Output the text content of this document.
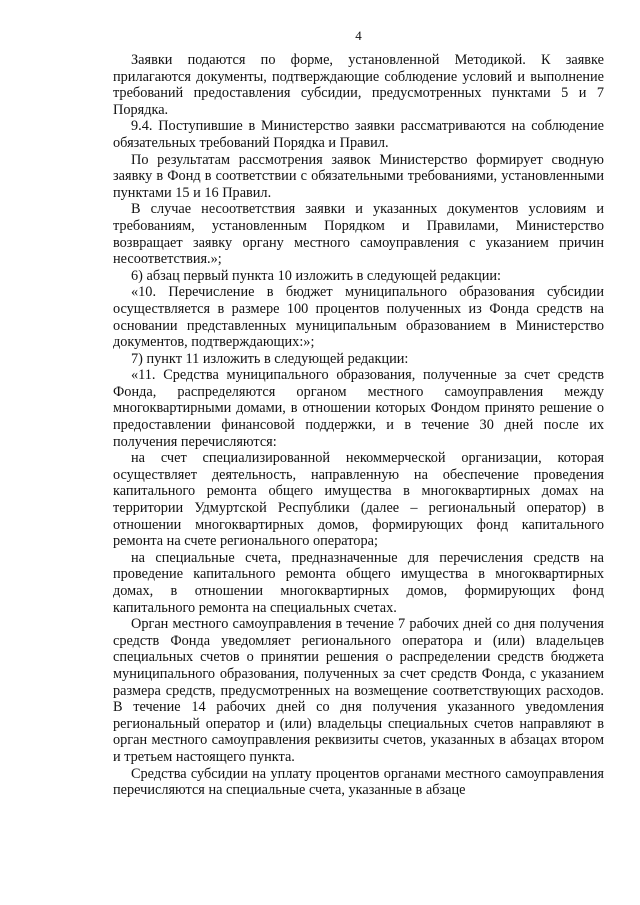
4

Заявки подаются по форме, установленной Методикой. К заявке прилагаются документы, подтверждающие соблюдение условий и выполнение требований предоставления субсидии, предусмотренных пунктами 5 и 7 Порядка.

9.4. Поступившие в Министерство заявки рассматриваются на соблюдение обязательных требований Порядка и Правил.

По результатам рассмотрения заявок Министерство формирует сводную заявку в Фонд в соответствии с обязательными требованиями, установленными пунктами 15 и 16 Правил.

В случае несоответствия заявки и указанных документов условиям и требованиям, установленным Порядком и Правилами, Министерство возвращает заявку органу местного самоуправления с указанием причин несоответствия.»;

6) абзац первый пункта 10 изложить в следующей редакции:

«10. Перечисление в бюджет муниципального образования субсидии осуществляется в размере 100 процентов полученных из Фонда средств на основании представленных муниципальным образованием в Министерство документов, подтверждающих:»;

7) пункт 11 изложить в следующей редакции:

«11. Средства муниципального образования, полученные за счет средств Фонда, распределяются органом местного самоуправления между многоквартирными домами, в отношении которых Фондом принято решение о предоставлении финансовой поддержки, и в течение 30 дней после их получения перечисляются:

на счет специализированной некоммерческой организации, которая осуществляет деятельность, направленную на обеспечение проведения капитального ремонта общего имущества в многоквартирных домах на территории Удмуртской Республики (далее – региональный оператор) в отношении многоквартирных домов, формирующих фонд капитального ремонта на счете регионального оператора;

на специальные счета, предназначенные для перечисления средств на проведение капитального ремонта общего имущества в многоквартирных домах, в отношении многоквартирных домов, формирующих фонд капитального ремонта на специальных счетах.

Орган местного самоуправления в течение 7 рабочих дней со дня получения средств Фонда уведомляет регионального оператора и (или) владельцев специальных счетов о принятии решения о распределении средств бюджета муниципального образования, полученных за счет средств Фонда, с указанием размера средств, предусмотренных на возмещение соответствующих расходов. В течение 14 рабочих дней со дня получения указанного уведомления региональный оператор и (или) владельцы специальных счетов направляют в орган местного самоуправления реквизиты счетов, указанных в абзацах втором и третьем настоящего пункта.

Средства субсидии на уплату процентов органами местного самоуправления перечисляются на специальные счета, указанные в абзаце
